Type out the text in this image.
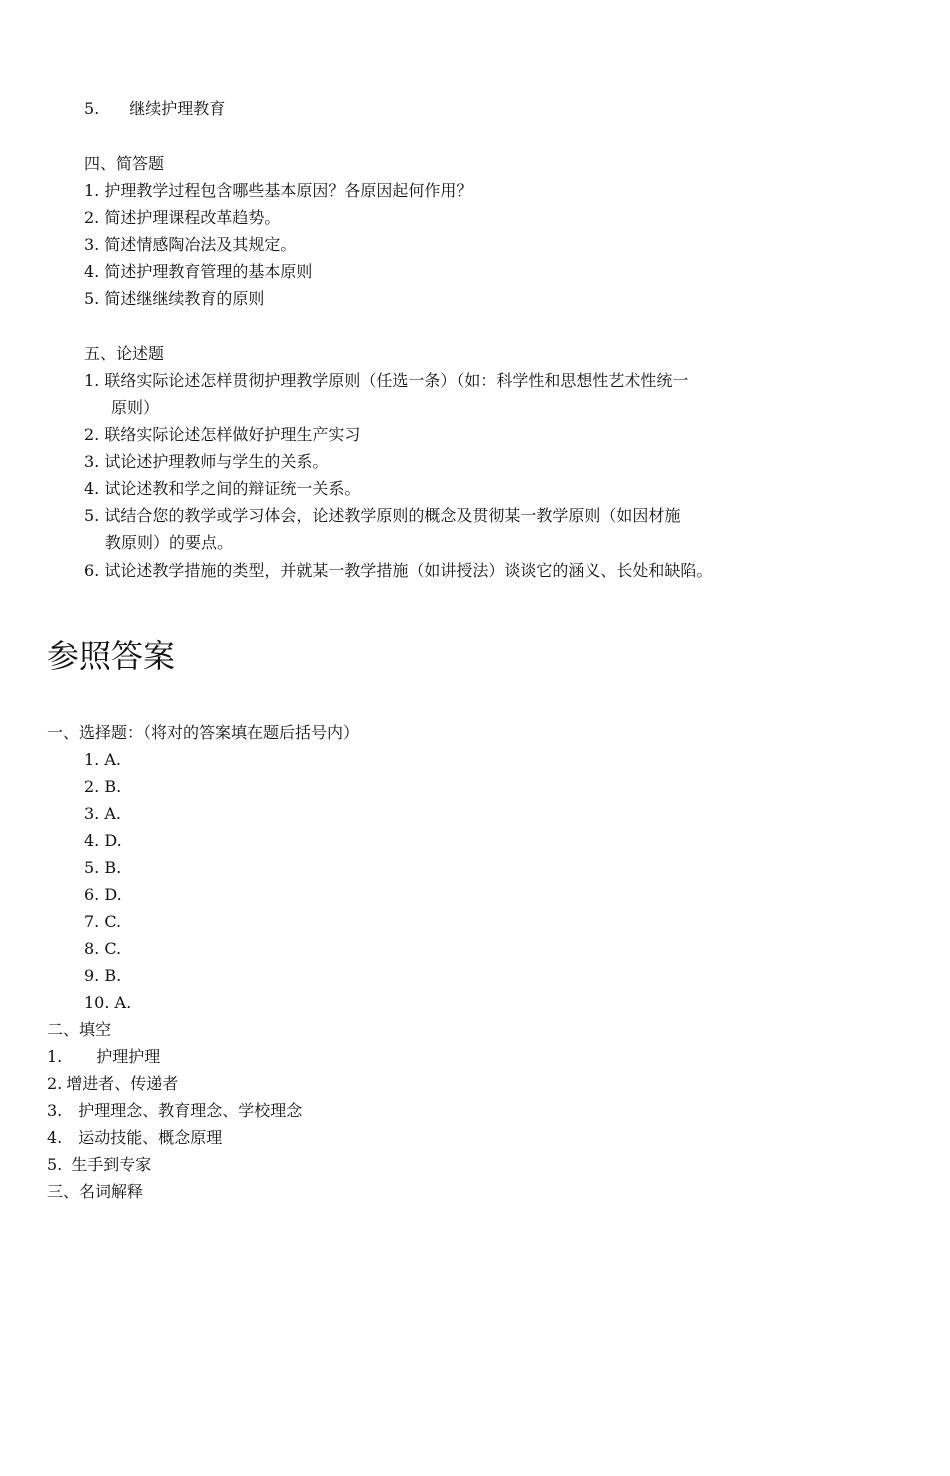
5. 继续护理教育
四、简答题
1. 护理教学过程包含哪些基本原因？各原因起何作用？
2. 简述护理课程改革趋势。
3. 简述情感陶冶法及其规定。
4. 简述护理教育管理的基本原则
5. 简述继继续教育的原则
五、论述题
1. 联络实际论述怎样贯彻护理教学原则（任选一条）（如：科学性和思想性艺术性统一
原则）
2. 联络实际论述怎样做好护理生产实习
3. 试论述护理教师与学生的关系。
4. 试论述教和学之间的辩证统一关系。
5. 试结合您的教学或学习体会，论述教学原则的概念及贯彻某一教学原则（如因材施
教原则）的要点。
6. 试论述教学措施的类型，并就某一教学措施（如讲授法）谈谈它的涵义、长处和缺陷。
参照答案
一、选择题：（将对的答案填在题后括号内）
1. A.
2. B.
3. A.
4. D.
5. B.
6. D.
7. C.
8. C.
9. B.
10. A.
二、填空
1. 护理护理
2. 增进者、传递者
3. 护理理念、教育理念、学校理念
4. 运动技能、概念原理
5. 生手到专家
三、名词解释
